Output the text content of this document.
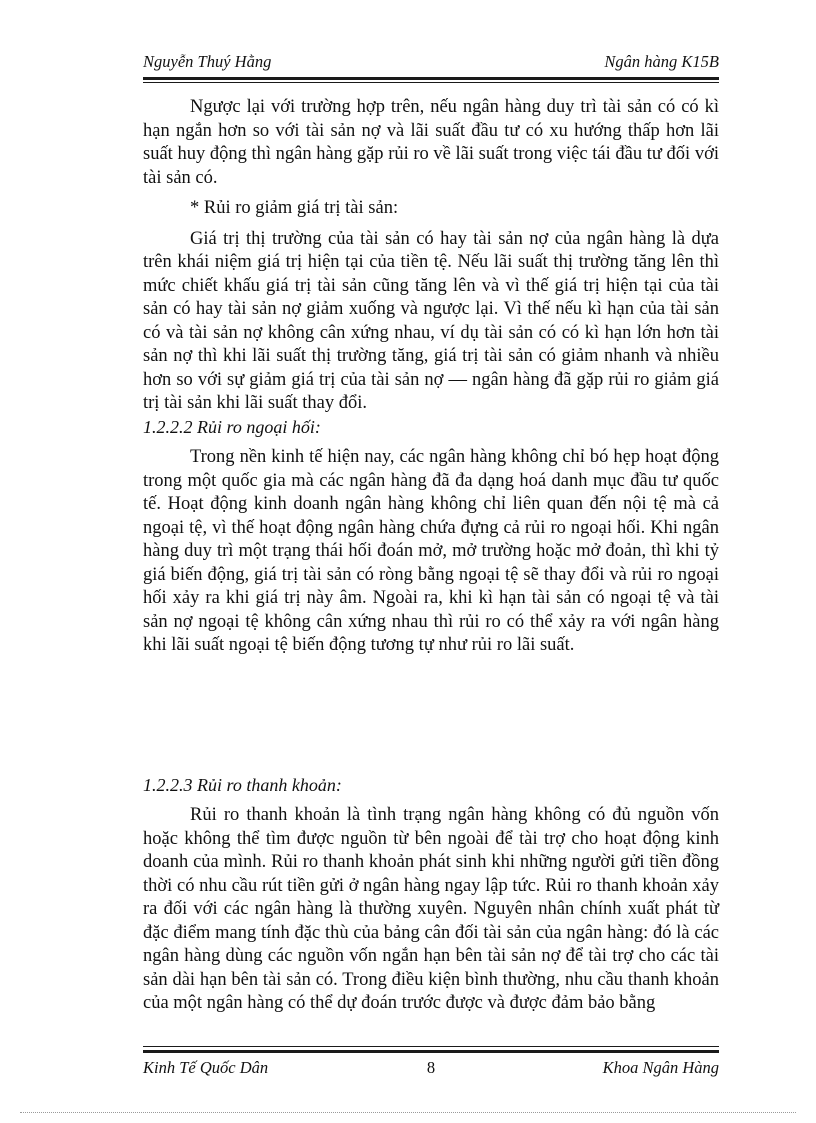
Nguyễn Thuý Hằng	Ngân hàng K15B

Ngược lại với trường hợp trên, nếu ngân hàng duy trì tài sản có có kì hạn ngắn hơn so với tài sản nợ và lãi suất đầu tư có xu hướng thấp hơn lãi suất huy động thì ngân hàng gặp rủi ro về lãi suất trong việc tái đầu tư đối với tài sản có.

* Rủi ro giảm giá trị tài sản:

Giá trị thị trường của tài sản có hay tài sản nợ của ngân hàng là dựa trên khái niệm giá trị hiện tại của tiền tệ. Nếu lãi suất thị trường tăng lên thì mức chiết khấu giá trị tài sản cũng tăng lên và vì thế giá trị hiện tại của tài sản có hay tài sản nợ giảm xuống và ngược lại. Vì thế nếu kì hạn của tài sản có và tài sản nợ không cân xứng nhau, ví dụ tài sản có có kì hạn lớn hơn tài sản nợ thì khi lãi suất thị trường tăng, giá trị tài sản có giảm nhanh và nhiều hơn so với sự giảm giá trị của tài sản nợ — ngân hàng đã gặp rủi ro giảm giá trị tài sản khi lãi suất thay đổi.

1.2.2.2 Rủi ro ngoại hối:

Trong nền kinh tế hiện nay, các ngân hàng không chỉ bó hẹp hoạt động trong một quốc gia mà các ngân hàng đã đa dạng hoá danh mục đầu tư quốc tế. Hoạt động kinh doanh ngân hàng không chỉ liên quan đến nội tệ mà cả ngoại tệ, vì thế hoạt động ngân hàng chứa đựng cả rủi ro ngoại hối. Khi ngân hàng duy trì một trạng thái hối đoán mở, mở trường hoặc mở đoản, thì khi tỷ giá biến động, giá trị tài sản có ròng bằng ngoại tệ sẽ thay đổi và rủi ro ngoại hối xảy ra khi giá trị này âm. Ngoài ra, khi kì hạn tài sản có ngoại tệ và tài sản nợ ngoại tệ không cân xứng nhau thì rủi ro có thể xảy ra với ngân hàng khi lãi suất ngoại tệ biến động tương tự như rủi ro lãi suất.

1.2.2.3 Rủi ro thanh khoản:

Rủi ro thanh khoản là tình trạng ngân hàng không có đủ nguồn vốn hoặc không thể tìm được nguồn từ bên ngoài để tài trợ cho hoạt động kinh doanh của mình. Rủi ro thanh khoản phát sinh khi những người gửi tiền đồng thời có nhu cầu rút tiền gửi ở ngân hàng ngay lập tức. Rủi ro thanh khoản xảy ra đối với các ngân hàng là thường xuyên. Nguyên nhân chính xuất phát từ đặc điểm mang tính đặc thù của bảng cân đối tài sản của ngân hàng: đó là các ngân hàng dùng các nguồn vốn ngắn hạn bên tài sản nợ để tài trợ cho các tài sản dài hạn bên tài sản có. Trong điều kiện bình thường, nhu cầu thanh khoản của một ngân hàng có thể dự đoán trước được và được đảm bảo bằng

Kinh Tế Quốc Dân	8	Khoa Ngân Hàng
